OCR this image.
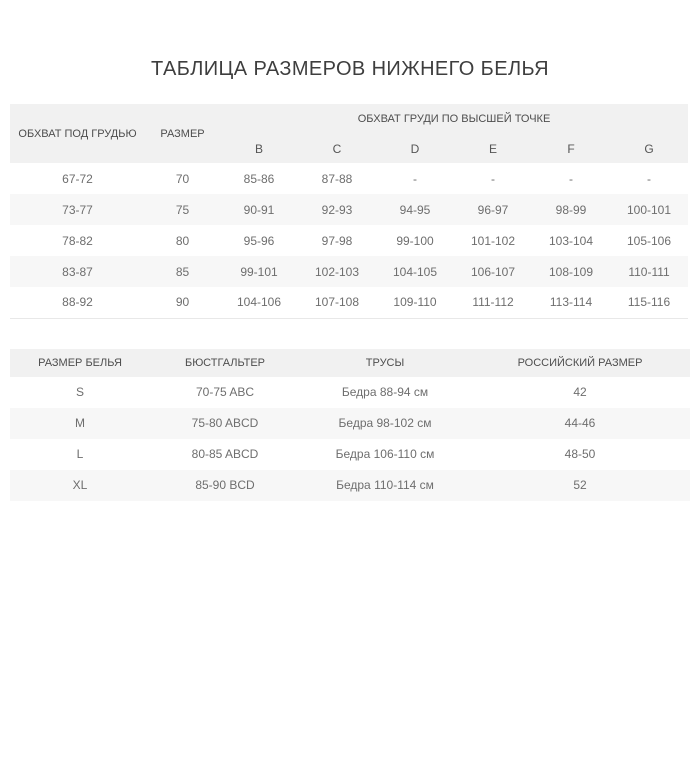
ТАБЛИЦА РАЗМЕРОВ НИЖНЕГО БЕЛЬЯ
ОБХВАТ ПОД ГРУДЬЮ	РАЗМЕР	ОБХВАТ ГРУДИ ПО ВЫСШЕЙ ТОЧКЕ					
		B	C	D	E	F	G
67-72	70	85-86	87-88	-	-	-	-
73-77	75	90-91	92-93	94-95	96-97	98-99	100-101
78-82	80	95-96	97-98	99-100	101-102	103-104	105-106
83-87	85	99-101	102-103	104-105	106-107	108-109	110-111
88-92	90	104-106	107-108	109-110	111-112	113-114	115-116
РАЗМЕР БЕЛЬЯ	БЮСТГАЛЬТЕР	ТРУСЫ	РОССИЙСКИЙ РАЗМЕР
S	70-75 ABC	Бедра 88-94 см	42
M	75-80 ABCD	Бедра 98-102 см	44-46
L	80-85 ABCD	Бедра 106-110 см	48-50
XL	85-90 BCD	Бедра 110-114 см	52
